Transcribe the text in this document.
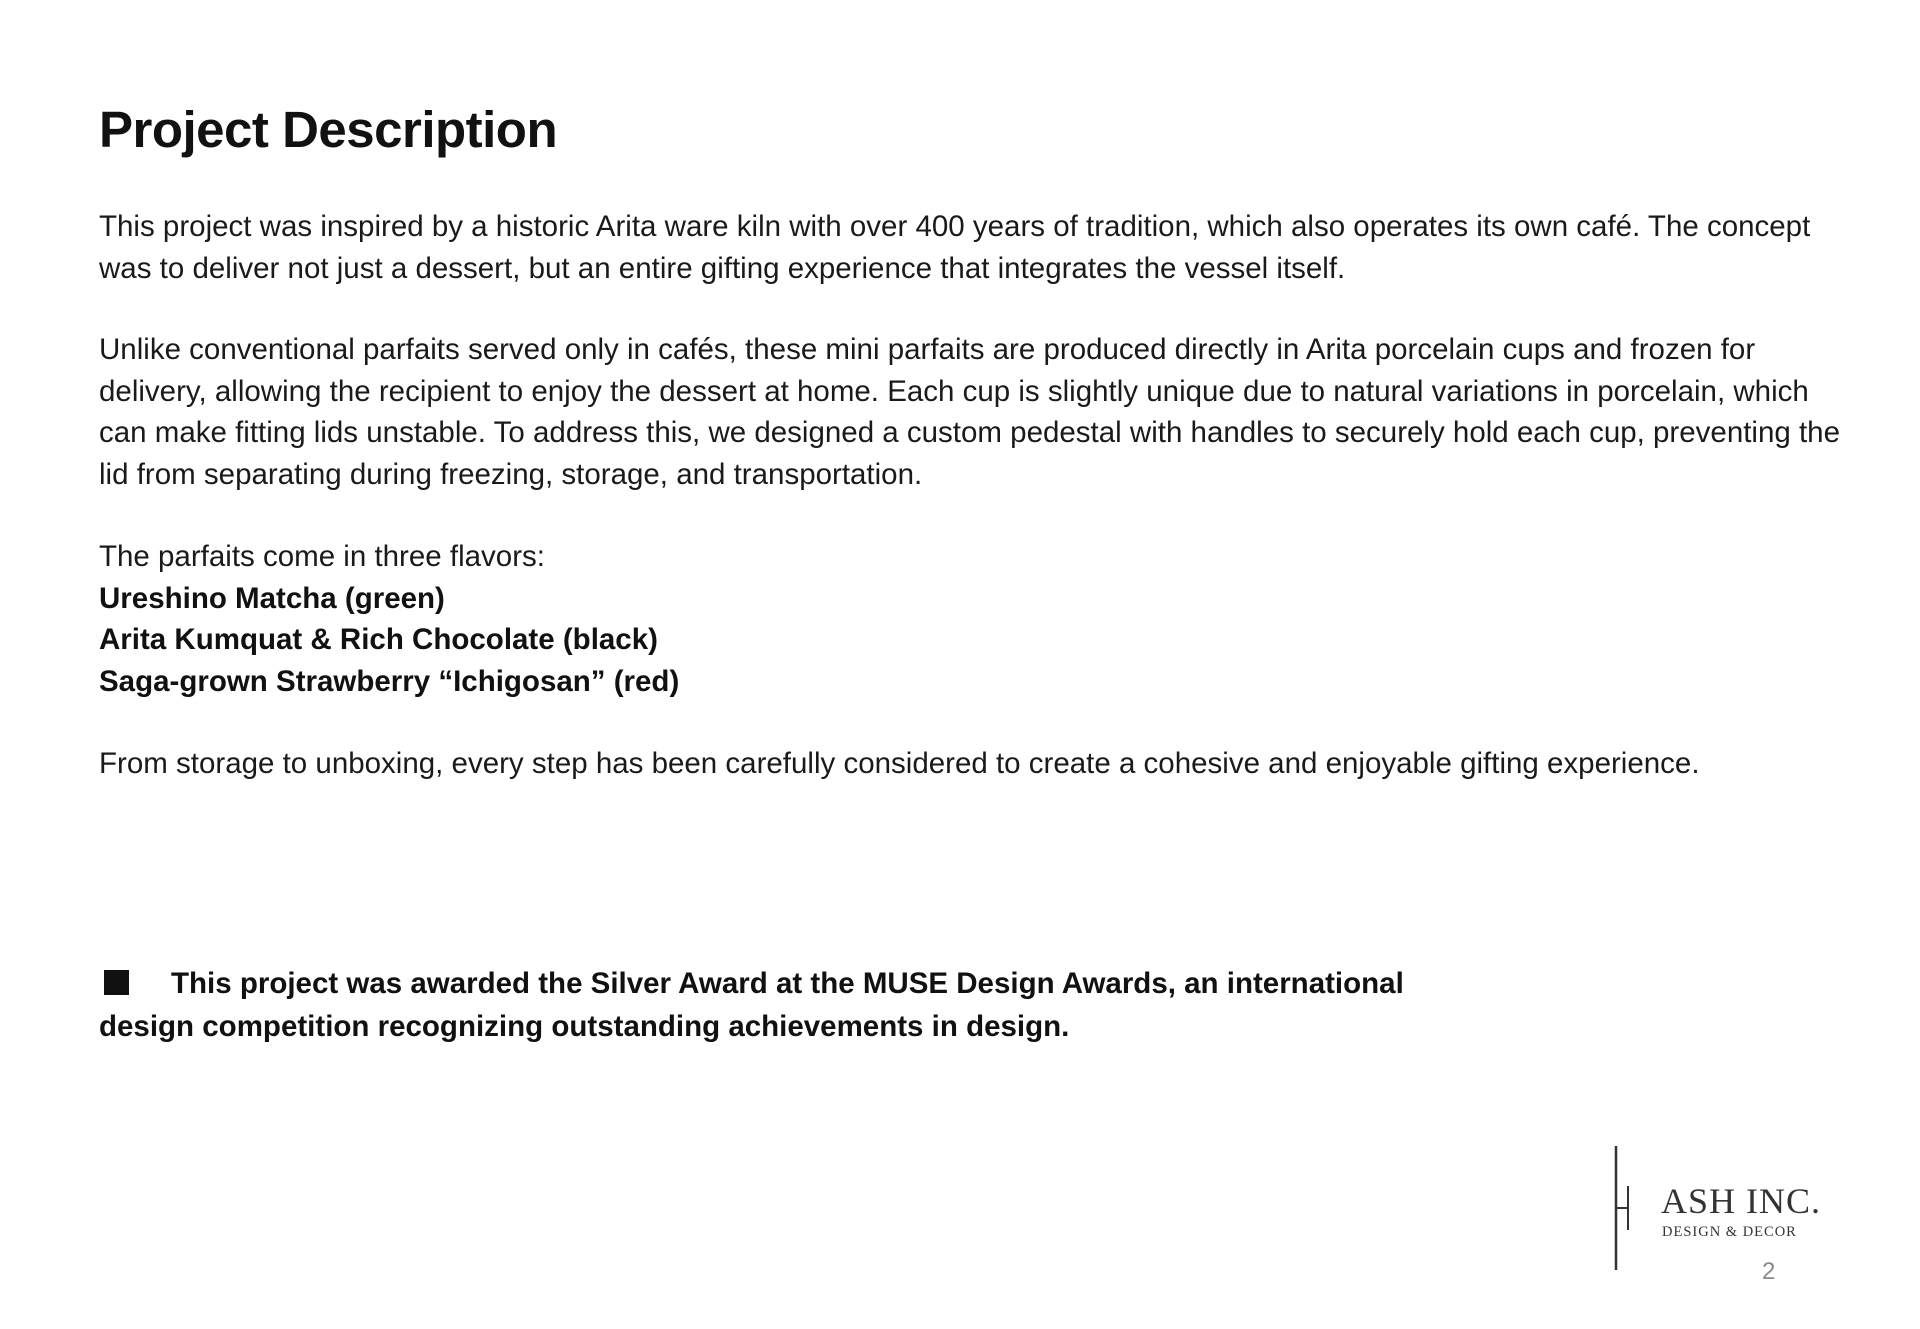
Project Description

This project was inspired by a historic Arita ware kiln with over 400 years of tradition, which also operates its own café. The concept was to deliver not just a dessert, but an entire gifting experience that integrates the vessel itself.

Unlike conventional parfaits served only in cafés, these mini parfaits are produced directly in Arita porcelain cups and frozen for delivery, allowing the recipient to enjoy the dessert at home. Each cup is slightly unique due to natural variations in porcelain, which can make fitting lids unstable. To address this, we designed a custom pedestal with handles to securely hold each cup, preventing the lid from separating during freezing, storage, and transportation.

The parfaits come in three flavors:
Ureshino Matcha (green)
Arita Kumquat & Rich Chocolate (black)
Saga-grown Strawberry “Ichigosan” (red)

From storage to unboxing, every step has been carefully considered to create a cohesive and enjoyable gifting experience.

This project was awarded the Silver Award at the MUSE Design Awards, an international design competition recognizing outstanding achievements in design.
ASH INC.
DESIGN & DECOR
2
